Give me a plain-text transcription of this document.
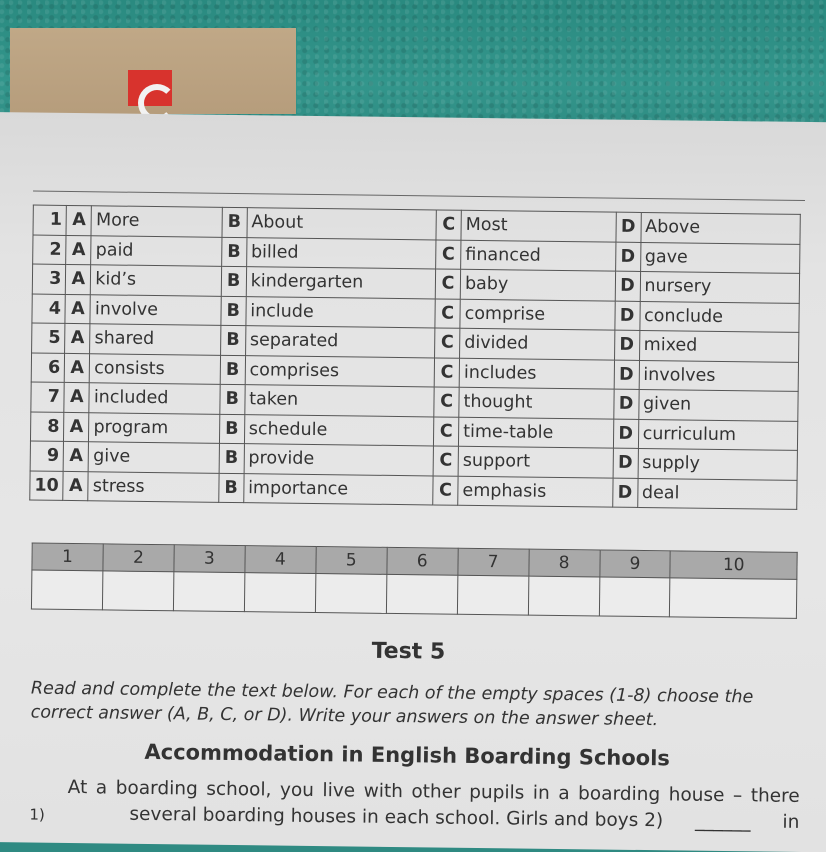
1	A	More	B	About	C	Most	D	Above
2	A	paid	B	billed	C	financed	D	gave
3	A	kid’s	B	kindergarten	C	baby	D	nursery
4	A	involve	B	include	C	comprise	D	conclude
5	A	shared	B	separated	C	divided	D	mixed
6	A	consists	B	comprises	C	includes	D	involves
7	A	included	B	taken	C	thought	D	given
8	A	program	B	schedule	C	time-table	D	curriculum
9	A	give	B	provide	C	support	D	supply
10	A	stress	B	importance	C	emphasis	D	deal
1	2	3	4	5	6	7	8	9	10

Test 5
Read and complete the text below. For each of the empty spaces (1-8) choose the correct answer (A, B, C, or D). Write your answers on the answer sheet.
Accommodation in English Boarding Schools
1)
At a boarding school, you live with other pupils in a boarding house – there
several boarding houses in each school. Girls and boys 2) ______ in
